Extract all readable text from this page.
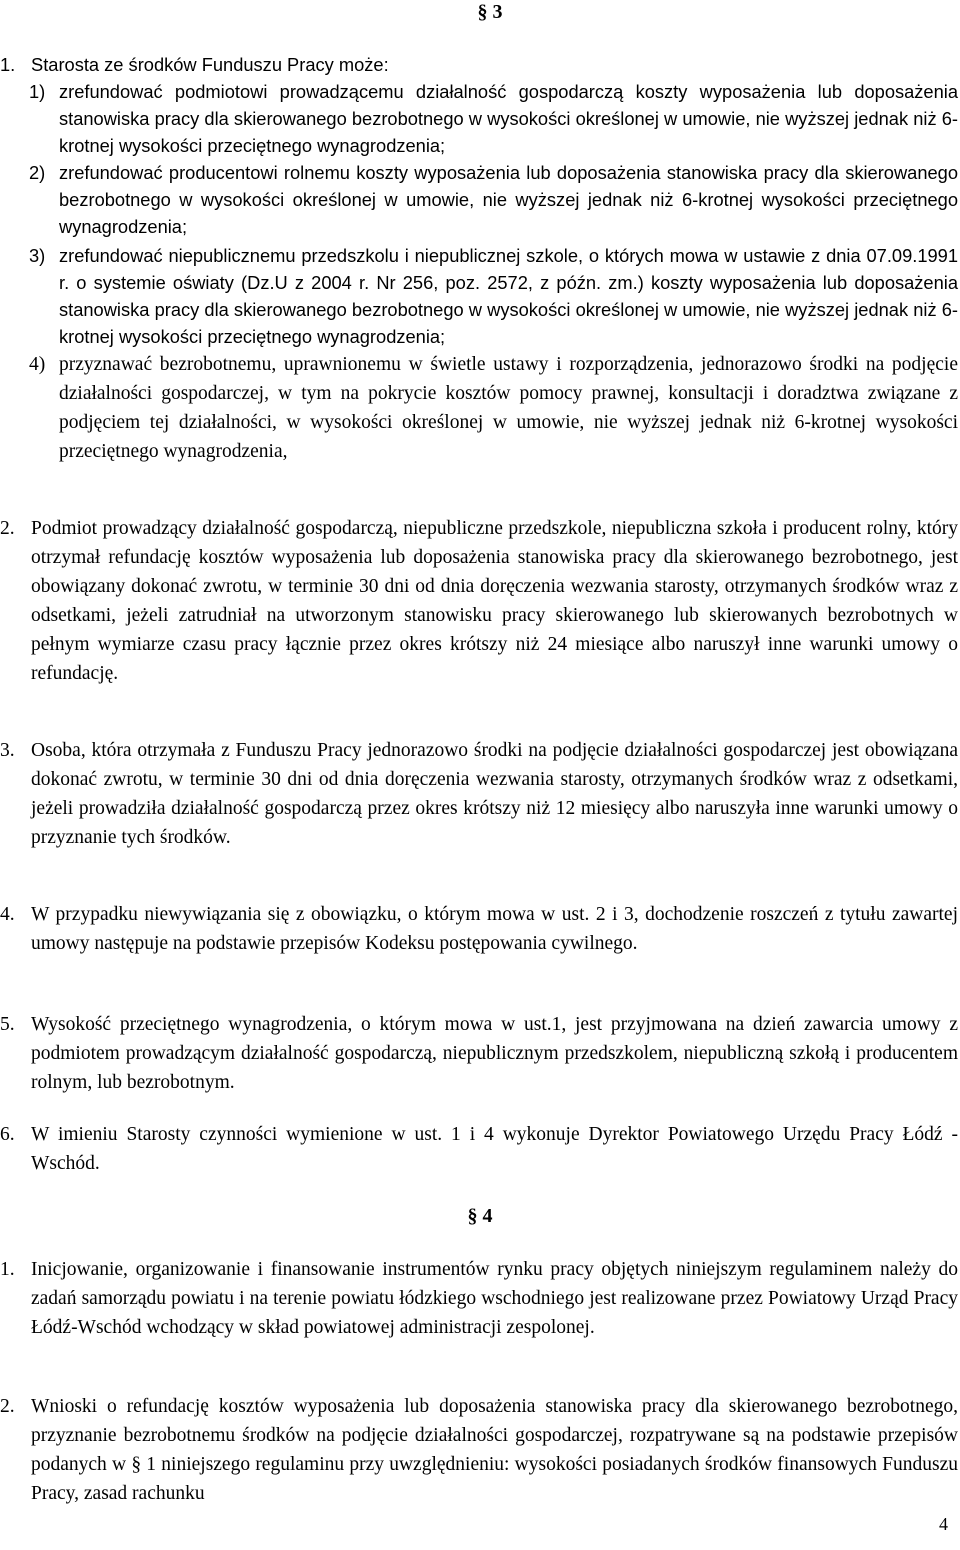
§ 3
1. Starosta ze środków Funduszu Pracy może:
1) zrefundować podmiotowi prowadzącemu działalność gospodarczą koszty wyposażenia lub doposażenia stanowiska pracy dla skierowanego bezrobotnego w wysokości określonej w umowie, nie wyższej jednak niż 6-krotnej wysokości przeciętnego wynagrodzenia;
2) zrefundować producentowi rolnemu koszty wyposażenia lub doposażenia stanowiska pracy dla skierowanego bezrobotnego w wysokości określonej w umowie, nie wyższej jednak niż 6-krotnej wysokości przeciętnego wynagrodzenia;
3) zrefundować niepublicznemu przedszkolu i niepublicznej szkole, o których mowa w ustawie z dnia 07.09.1991 r. o systemie oświaty (Dz.U z 2004 r. Nr 256, poz. 2572, z późn. zm.) koszty wyposażenia lub doposażenia stanowiska pracy dla skierowanego bezrobotnego w wysokości określonej w umowie, nie wyższej jednak niż 6-krotnej wysokości przeciętnego wynagrodzenia;
4) przyznawać bezrobotnemu, uprawnionemu w świetle ustawy i rozporządzenia, jednorazowo środki na podjęcie działalności gospodarczej, w tym na pokrycie kosztów pomocy prawnej, konsultacji i doradztwa związane z podjęciem tej działalności, w wysokości określonej w umowie, nie wyższej jednak niż 6-krotnej wysokości przeciętnego wynagrodzenia,
2. Podmiot prowadzący działalność gospodarczą, niepubliczne przedszkole, niepubliczna szkoła i producent rolny, który otrzymał refundację kosztów wyposażenia lub doposażenia stanowiska pracy dla skierowanego bezrobotnego, jest obowiązany dokonać zwrotu, w terminie 30 dni od dnia doręczenia wezwania starosty, otrzymanych środków wraz z odsetkami, jeżeli zatrudniał na utworzonym stanowisku pracy skierowanego lub skierowanych bezrobotnych w pełnym wymiarze czasu pracy łącznie przez okres krótszy niż 24 miesiące albo naruszył inne warunki umowy o refundację.
3. Osoba, która otrzymała z Funduszu Pracy jednorazowo środki na podjęcie działalności gospodarczej jest obowiązana dokonać zwrotu, w terminie 30 dni od dnia doręczenia wezwania starosty, otrzymanych środków wraz z odsetkami, jeżeli prowadziła działalność gospodarczą przez okres krótszy niż 12 miesięcy albo naruszyła inne warunki umowy o przyznanie tych środków.
4. W przypadku niewywiązania się z obowiązku, o którym mowa w ust. 2 i 3, dochodzenie roszczeń z tytułu zawartej umowy następuje na podstawie przepisów Kodeksu postępowania cywilnego.
5. Wysokość przeciętnego wynagrodzenia, o którym mowa w ust.1, jest przyjmowana na dzień zawarcia umowy z podmiotem prowadzącym działalność gospodarczą, niepublicznym przedszkolem, niepubliczną szkołą i producentem rolnym, lub bezrobotnym.
6. W imieniu Starosty czynności wymienione w ust. 1 i 4 wykonuje Dyrektor Powiatowego Urzędu Pracy Łódź - Wschód.
§ 4
1. Inicjowanie, organizowanie i finansowanie instrumentów rynku pracy objętych niniejszym regulaminem należy do zadań samorządu powiatu i na terenie powiatu łódzkiego wschodniego jest realizowane przez Powiatowy Urząd Pracy Łódź-Wschód wchodzący w skład powiatowej administracji zespolonej.
2. Wnioski o refundację kosztów wyposażenia lub doposażenia stanowiska pracy dla skierowanego bezrobotnego, przyznanie bezrobotnemu środków na podjęcie działalności gospodarczej, rozpatrywane są na podstawie przepisów podanych w § 1 niniejszego regulaminu przy uwzględnieniu: wysokości posiadanych środków finansowych Funduszu Pracy, zasad rachunku
4
